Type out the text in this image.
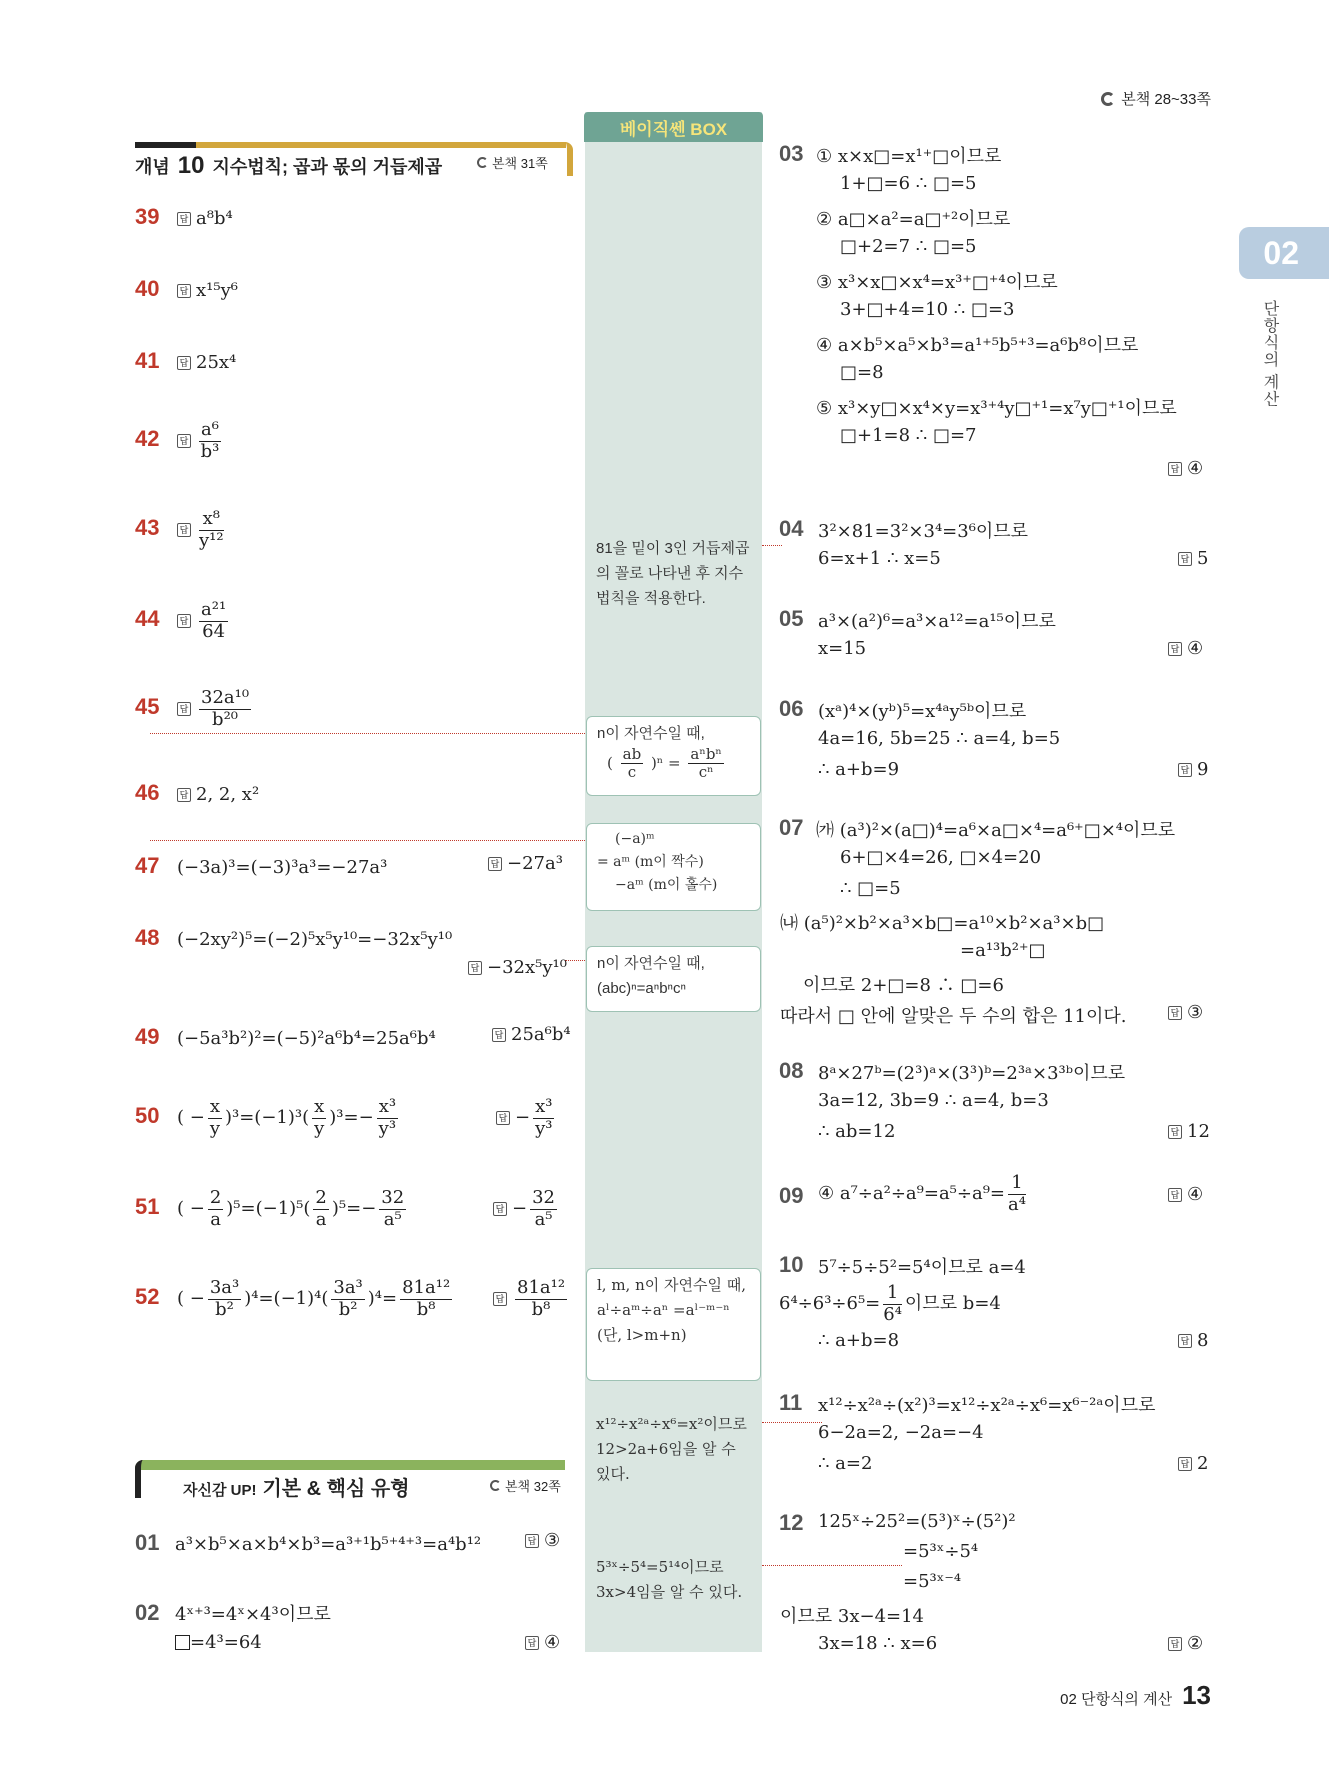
본책 28~33쪽
02
단항식의 계산
개념 10 지수법칙; 곱과 몫의 거듭제곱	본책 31쪽
베이직쎈 BOX
81을 밑이 3인 거듭제곱의 꼴로 나타낸 후 지수법칙을 적용한다.
n이 자연수일 때,
( $\frac{ab}{c} )^n = \frac{\text{aⁿbⁿ}}{\text{cⁿ}}$
(−a)ᵐ
= aᵐ (m이 짝수)
−aᵐ (m이 홀수)
n이 자연수일 때, (abc)ⁿ=aⁿbⁿcⁿ
l, m, n이 자연수일 때, aˡ÷aᵐ÷aⁿ =aˡ⁻ᵐ⁻ⁿ (단, l>m+n)
x¹²÷x²ᵃ÷x⁶=x²이므로 12>2a+6임을 알 수 있다.
5³ˣ÷5⁴=5¹⁴이므로 3x>4임을 알 수 있다.
39 답 a⁸b⁴
40 답 x¹⁵y⁶
41 답 25x⁴
42 답 $\frac{\text{a⁶}}{\text{b³}}$
43 답 $\frac{\text{x⁸}}{\text{y¹²}}$
44 답 $\frac{\text{a²¹}}{64}$
45 답 $\frac{\text{32a¹⁰}}{\text{b²⁰}}$
46 답 2, 2, x²
47 (−3a)³=(−3)³a³=−27a³	답 −27a³
48 (−2xy²)⁵=(−2)⁵x⁵y¹⁰=−32x⁵y¹⁰
답 −32x⁵y¹⁰
49 (−5a³b²)²=(−5)²a⁶b⁴=25a⁶b⁴	답 25a⁶b⁴
50 ( − $\frac{x}{y} )^3=(-1)^3( \frac{x}{y} )^3=- \frac{\text{x³}}{\text{y³}}$	답 − $\frac{\text{x³}}{\text{y³}}$
51 ( − $\frac{2}{a} )^5=(-1)^5( \frac{2}{a} )^5=- \frac{32}{\text{a⁵}}$	답 − $\frac{32}{\text{a⁵}}$
52 ( − $\frac{\text{3a³}}{\text{b²}} )^4=(-1)^4( \frac{\text{3a³}}{\text{b²}} )^4= \frac{\text{81a¹²}}{\text{b⁸}}$	답 $\frac{\text{81a¹²}}{\text{b⁸}}$
자신감 UP! 기본 & 핵심 유형	본책 32쪽
01 a³×b⁵×a×b⁴×b³=a³⁺¹b⁵⁺⁴⁺³=a⁴b¹²	답 ③
02 4ˣ⁺³=4ˣ×4³이므로
=4³=64	답 ④
03 ① x×x□=x¹⁺□이므로
1+□=6 ∴ □=5
② a□×a²=a□⁺²이므로
□+2=7 ∴ □=5
③ x³×x□×x⁴=x³⁺□⁺⁴이므로
3+□+4=10 ∴ □=3
④ a×b⁵×a⁵×b³=a¹⁺⁵b⁵⁺³=a⁶b⁸이므로
□=8
⑤ x³×y□×x⁴×y=x³⁺⁴y□⁺¹=x⁷y□⁺¹이므로
□+1=8 ∴ □=7
답 ④
04 3²×81=3²×3⁴=3⁶이므로
6=x+1 ∴ x=5	답 5
05 a³×(a²)⁶=a³×a¹²=a¹⁵이므로
x=15	답 ④
06 (xᵃ)⁴×(yᵇ)⁵=x⁴ᵃy⁵ᵇ이므로
4a=16, 5b=25 ∴ a=4, b=5
∴ a+b=9	답 9
07 ㈎ (a³)²×(a□)⁴=a⁶×a□×⁴=a⁶⁺□×⁴이므로
6+□×4=26, □×4=20
∴ □=5
㈏ (a⁵)²×b²×a³×b□=a¹⁰×b²×a³×b□
=a¹³b²⁺□
이므로 2+□=8 ∴ □=6
따라서 □ 안에 알맞은 두 수의 합은 11이다.	답 ③
08 8ᵃ×27ᵇ=(2³)ᵃ×(3³)ᵇ=2³ᵃ×3³ᵇ이므로
3a=12, 3b=9 ∴ a=4, b=3
∴ ab=12	답 12
09 ④ $a^7\div a^2\div a^9=a^5\div a^9= \frac{1}{\text{a⁴}}$	답 ④
10 5⁷÷5÷5²=5⁴이므로 a=4
$6^4\div 6^3\div 6^5= \frac{1}{\text{6⁴}}$ 이므로 b=4
∴ a+b=8	답 8
11 x¹²÷x²ᵃ÷(x²)³=x¹²÷x²ᵃ÷x⁶=x⁶⁻²ᵃ이므로
6−2a=2, −2a=−4
∴ a=2	답 2
12 125ˣ÷25²=(5³)ˣ÷(5²)²
=5³ˣ÷5⁴
=5³ˣ⁻⁴
이므로 3x−4=14
3x=18 ∴ x=6	답 ②
02 단항식의 계산 13
